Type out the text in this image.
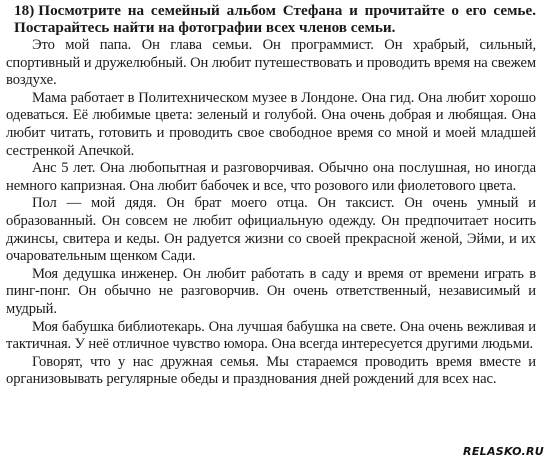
18) Посмотрите на семейный альбом Стефана и прочитайте о его семье. Постарайтесь найти на фотографии всех членов семьи.

Это мой папа. Он глава семьи. Он программист. Он храбрый, сильный, спортивный и дружелюбный. Он любит путешествовать и проводить время на свежем воздухе.

Мама работает в Политехническом музее в Лондоне. Она гид. Она любит хорошо одеваться. Её любимые цвета: зеленый и голубой. Она очень добрая и любящая. Она любит читать, готовить и проводить свое свободное время со мной и моей младшей сестренкой Апечкой.

Анс 5 лет. Она любопытная и разговорчивая. Обычно она послушная, но иногда немного капризная. Она любит бабочек и все, что розового или фиолетового цвета.

Пол — мой дядя. Он брат моего отца. Он таксист. Он очень умный и образованный. Он совсем не любит официальную одежду. Он предпочитает носить джинсы, свитера и кеды. Он радуется жизни со своей прекрасной женой, Эйми, и их очаровательным щенком Сади.

Моя дедушка инженер. Он любит работать в саду и время от времени играть в пинг-понг. Он обычно не разговорчив. Он очень ответственный, независимый и мудрый.

Моя бабушка библиотекарь. Она лучшая бабушка на свете. Она очень вежливая и тактичная. У неё отличное чувство юмора. Она всегда интересуется другими людьми.

Говорят, что у нас дружная семья. Мы стараемся проводить время вместе и организовывать регулярные обеды и празднования дней рождений для всех нас.

RELASKO.RU
